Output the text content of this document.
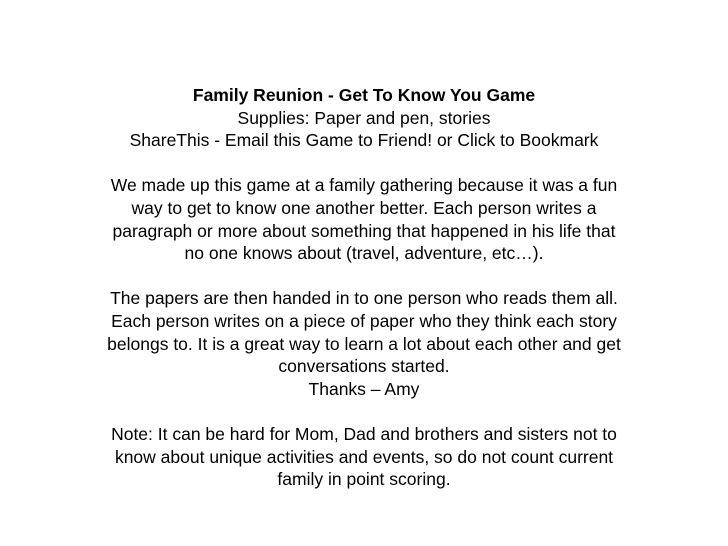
Family Reunion - Get To Know You Game
Supplies: Paper and pen, stories
ShareThis - Email this Game to Friend! or Click to Bookmark
We made up this game at a family gathering because it was a fun
way to get to know one another better. Each person writes a
paragraph or more about something that happened in his life that
no one knows about (travel, adventure, etc…).
The papers are then handed in to one person who reads them all.
Each person writes on a piece of paper who they think each story
belongs to. It is a great way to learn a lot about each other and get
conversations started.
Thanks – Amy
Note: It can be hard for Mom, Dad and brothers and sisters not to
know about unique activities and events, so do not count current
family in point scoring.
